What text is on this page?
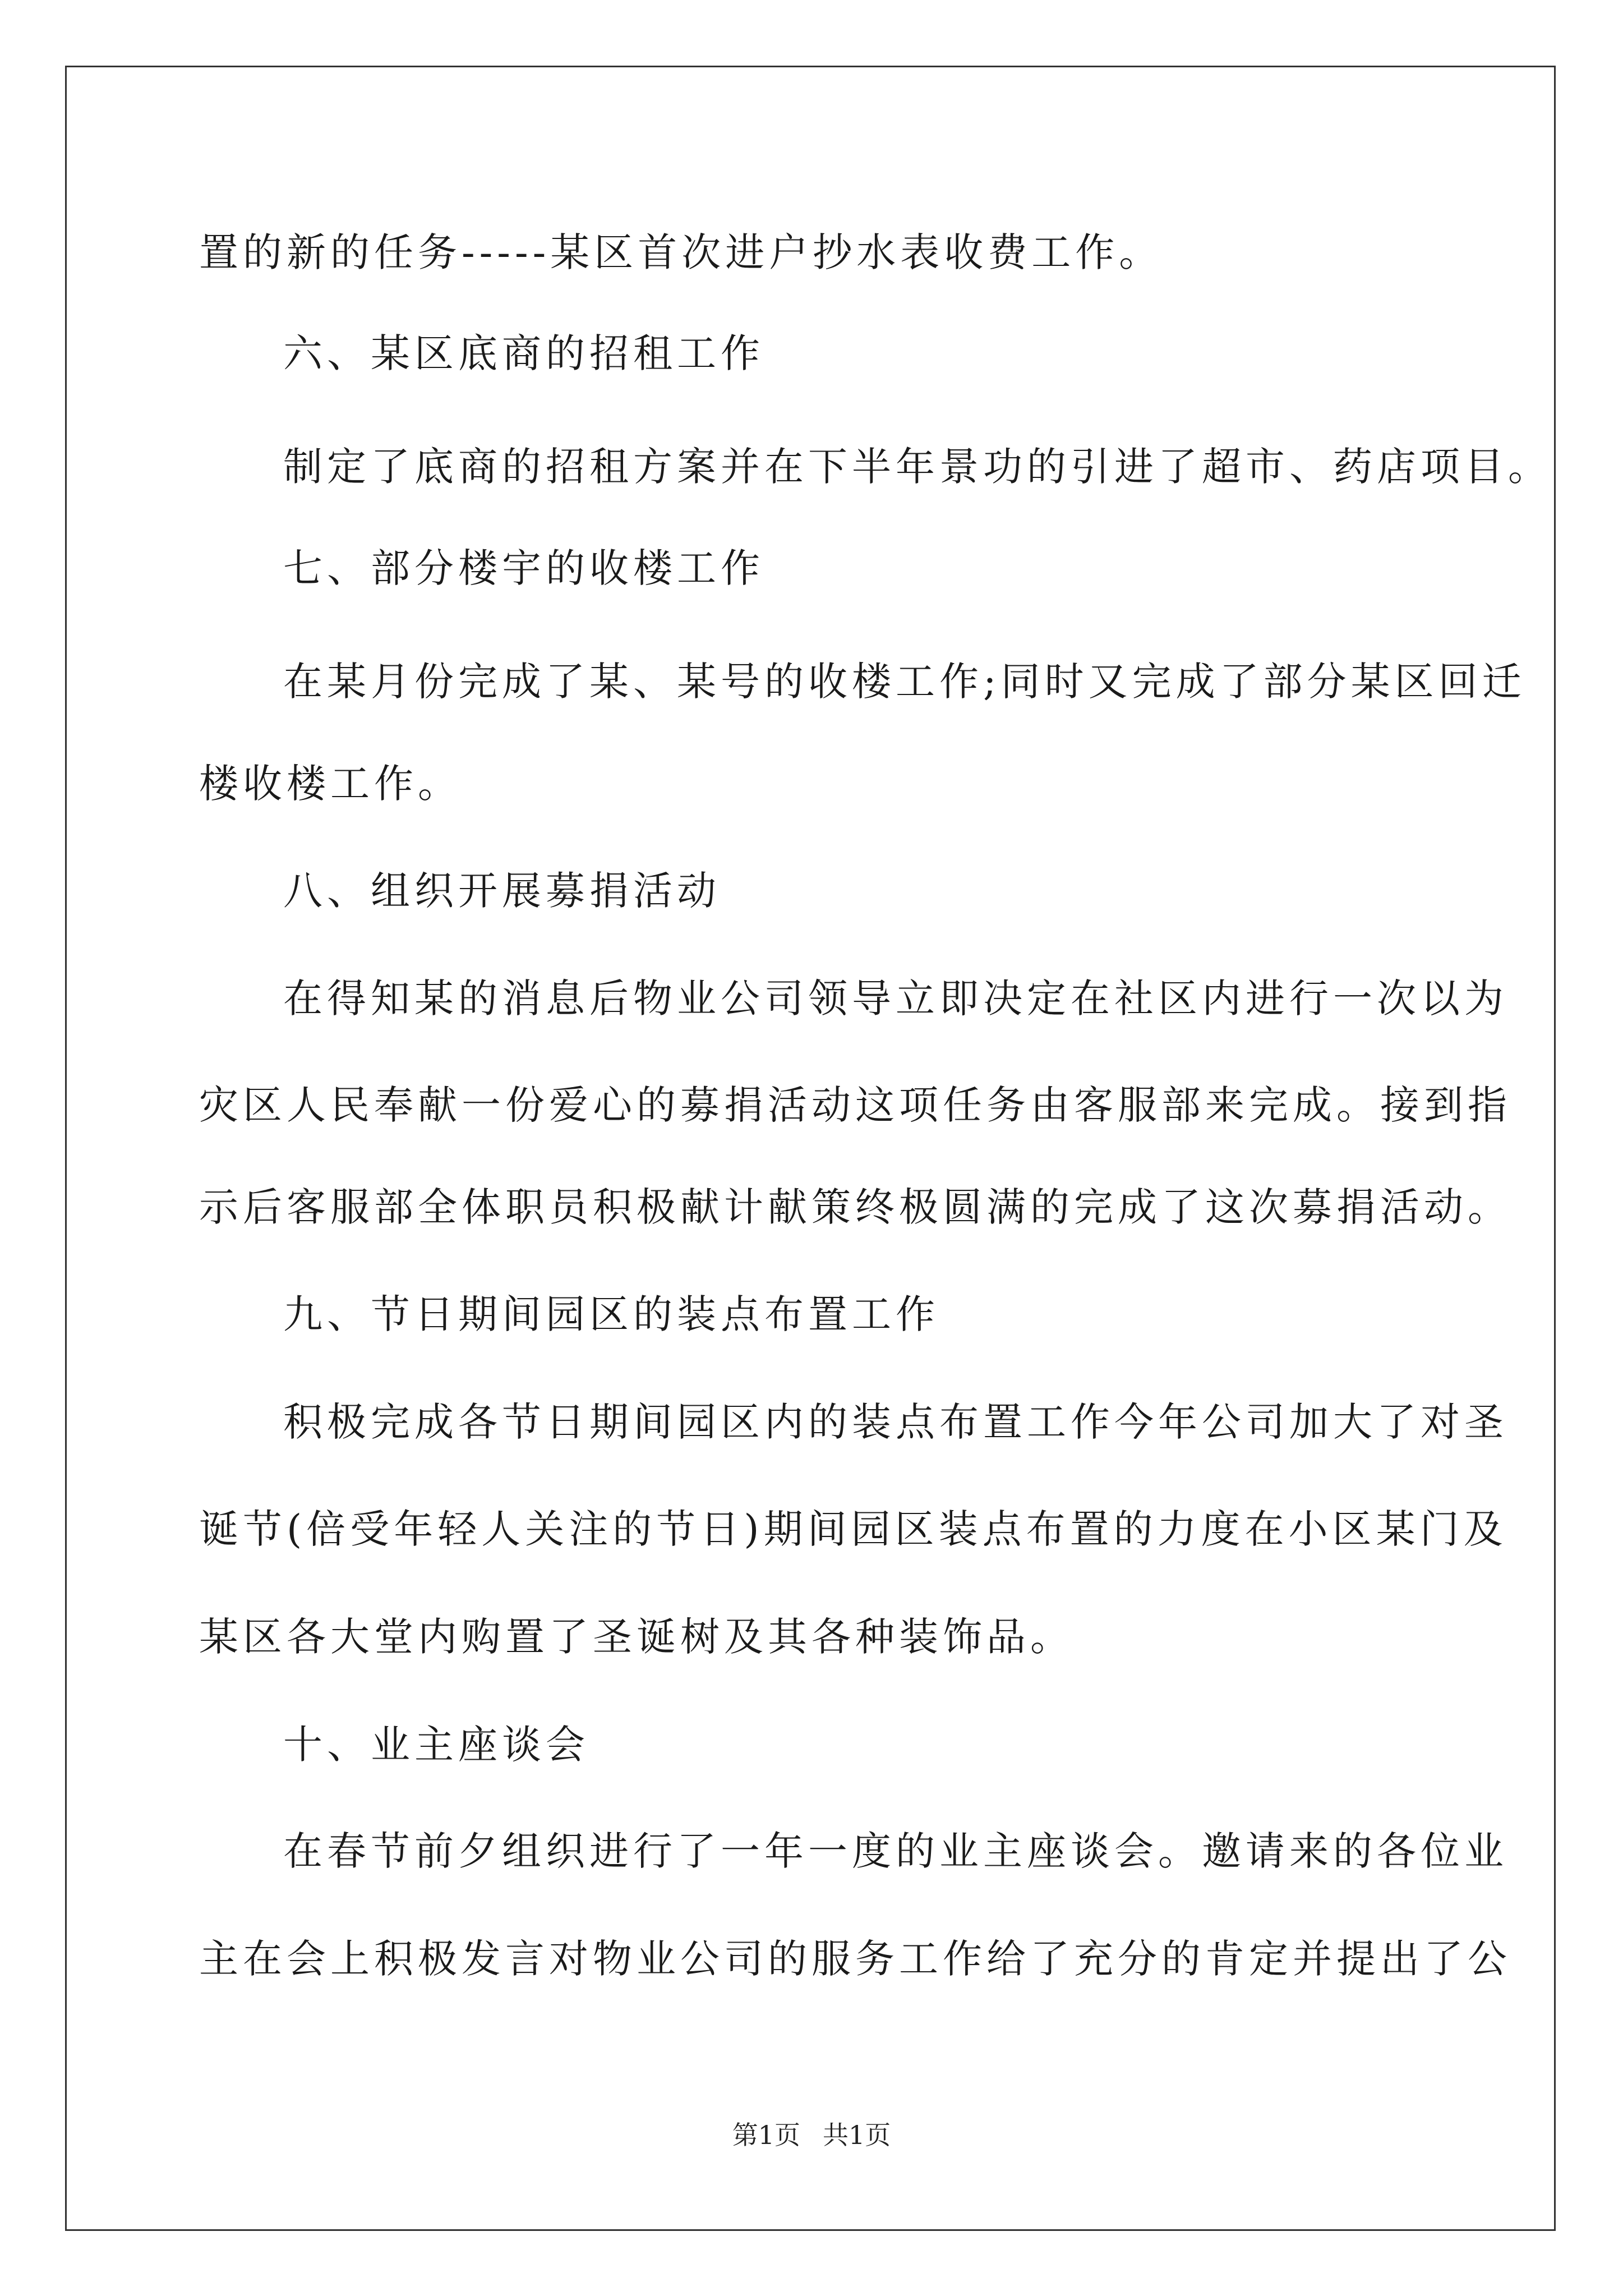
置的新的任务-----某区首次进户抄水表收费工作。
六、某区底商的招租工作
制定了底商的招租方案并在下半年景功的引进了超市、药店项目。
七、部分楼宇的收楼工作
在某月份完成了某、某号的收楼工作;同时又完成了部分某区回迁
楼收楼工作。
八、组织开展募捐活动
在得知某的消息后物业公司领导立即决定在社区内进行一次以为
灾区人民奉献一份爱心的募捐活动这项任务由客服部来完成。接到指
示后客服部全体职员积极献计献策终极圆满的完成了这次募捐活动。
九、节日期间园区的装点布置工作
积极完成各节日期间园区内的装点布置工作今年公司加大了对圣
诞节(倍受年轻人关注的节日)期间园区装点布置的力度在小区某门及
某区各大堂内购置了圣诞树及其各种装饰品。
十、业主座谈会
在春节前夕组织进行了一年一度的业主座谈会。邀请来的各位业
主在会上积极发言对物业公司的服务工作给了充分的肯定并提出了公
第1页 共1页
